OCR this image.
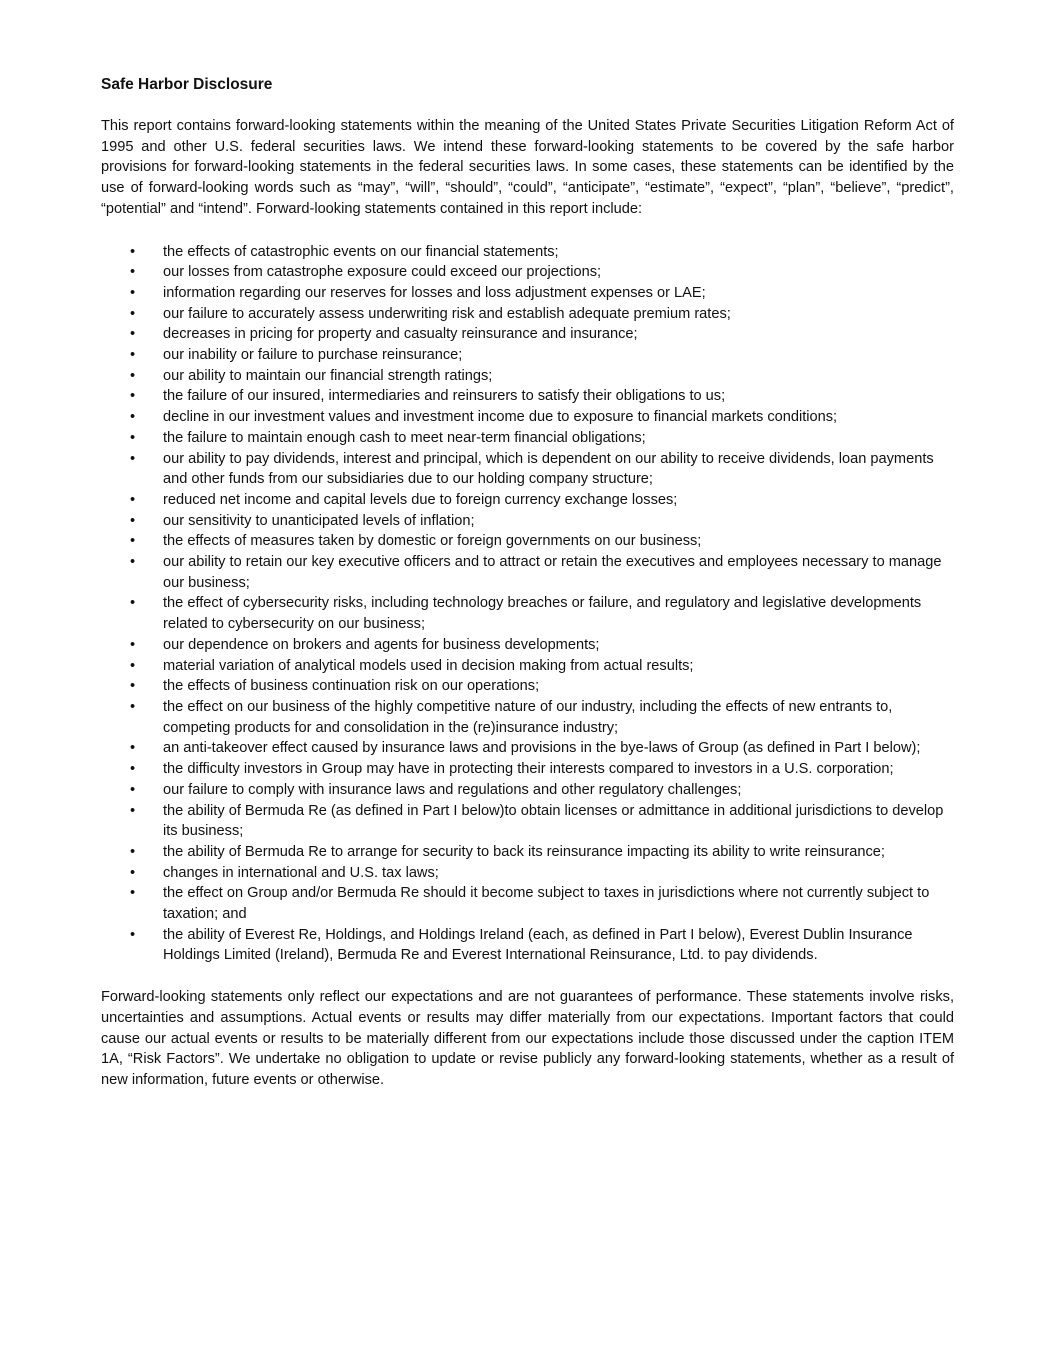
Safe Harbor Disclosure

This report contains forward-looking statements within the meaning of the United States Private Securities Litigation Reform Act of 1995 and other U.S. federal securities laws. We intend these forward-looking statements to be covered by the safe harbor provisions for forward-looking statements in the federal securities laws. In some cases, these statements can be identified by the use of forward-looking words such as “may”, “will”, “should”, “could”, “anticipate”, “estimate”, “expect”, “plan”, “believe”, “predict”, “potential” and “intend”. Forward-looking statements contained in this report include:

• the effects of catastrophic events on our financial statements;
• our losses from catastrophe exposure could exceed our projections;
• information regarding our reserves for losses and loss adjustment expenses or LAE;
• our failure to accurately assess underwriting risk and establish adequate premium rates;
• decreases in pricing for property and casualty reinsurance and insurance;
• our inability or failure to purchase reinsurance;
• our ability to maintain our financial strength ratings;
• the failure of our insured, intermediaries and reinsurers to satisfy their obligations to us;
• decline in our investment values and investment income due to exposure to financial markets conditions;
• the failure to maintain enough cash to meet near-term financial obligations;
• our ability to pay dividends, interest and principal, which is dependent on our ability to receive dividends, loan payments and other funds from our subsidiaries due to our holding company structure;
• reduced net income and capital levels due to foreign currency exchange losses;
• our sensitivity to unanticipated levels of inflation;
• the effects of measures taken by domestic or foreign governments on our business;
• our ability to retain our key executive officers and to attract or retain the executives and employees necessary to manage our business;
• the effect of cybersecurity risks, including technology breaches or failure, and regulatory and legislative developments related to cybersecurity on our business;
• our dependence on brokers and agents for business developments;
• material variation of analytical models used in decision making from actual results;
• the effects of business continuation risk on our operations;
• the effect on our business of the highly competitive nature of our industry, including the effects of new entrants to, competing products for and consolidation in the (re)insurance industry;
• an anti-takeover effect caused by insurance laws and provisions in the bye-laws of Group (as defined in Part I below);
• the difficulty investors in Group may have in protecting their interests compared to investors in a U.S. corporation;
• our failure to comply with insurance laws and regulations and other regulatory challenges;
• the ability of Bermuda Re (as defined in Part I below)to obtain licenses or admittance in additional jurisdictions to develop its business;
• the ability of Bermuda Re to arrange for security to back its reinsurance impacting its ability to write reinsurance;
• changes in international and U.S. tax laws;
• the effect on Group and/or Bermuda Re should it become subject to taxes in jurisdictions where not currently subject to taxation; and
• the ability of Everest Re, Holdings, and Holdings Ireland (each, as defined in Part I below), Everest Dublin Insurance Holdings Limited (Ireland), Bermuda Re and Everest International Reinsurance, Ltd. to pay dividends.

Forward-looking statements only reflect our expectations and are not guarantees of performance. These statements involve risks, uncertainties and assumptions. Actual events or results may differ materially from our expectations. Important factors that could cause our actual events or results to be materially different from our expectations include those discussed under the caption ITEM 1A, “Risk Factors”. We undertake no obligation to update or revise publicly any forward-looking statements, whether as a result of new information, future events or otherwise.
